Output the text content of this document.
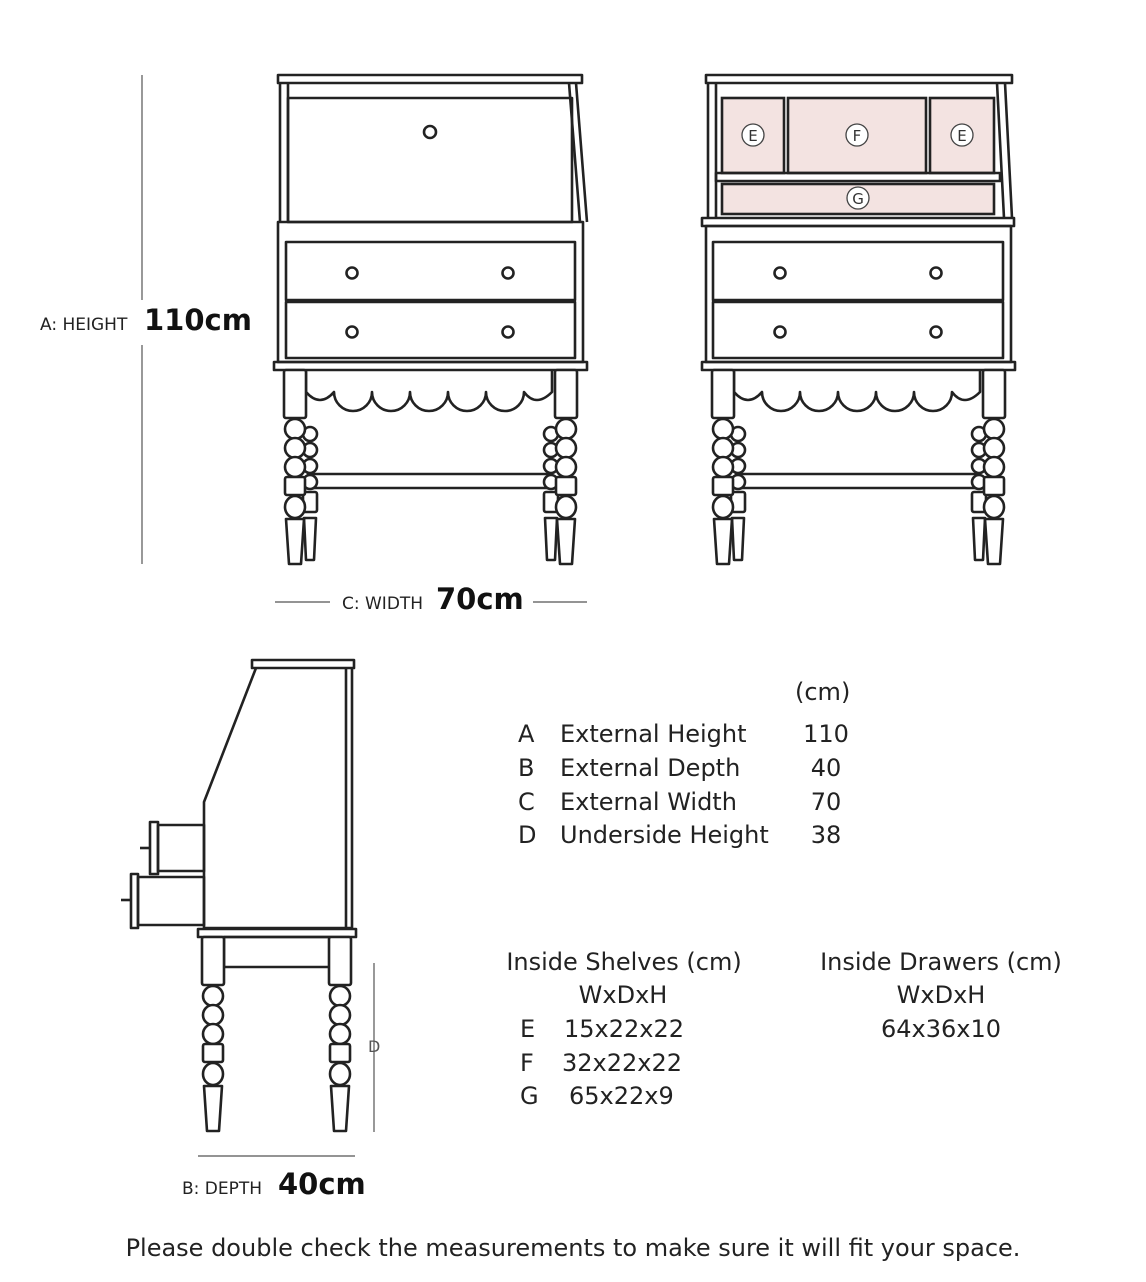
A: HEIGHT 110cm
C: WIDTH 70cm
E	F	E
G
D
B: DEPTH 40cm
(cm)
A External Height 110
B External Depth	40
C External Width	70
D Underside Height 38
Inside Shelves (cm)
WxDxH
E 15x22x22
F 32x22x22
G 65x22x9
Inside Drawers (cm)
WxDxH
64x36x10
Please double check the measurements to make sure it will fit your space.
